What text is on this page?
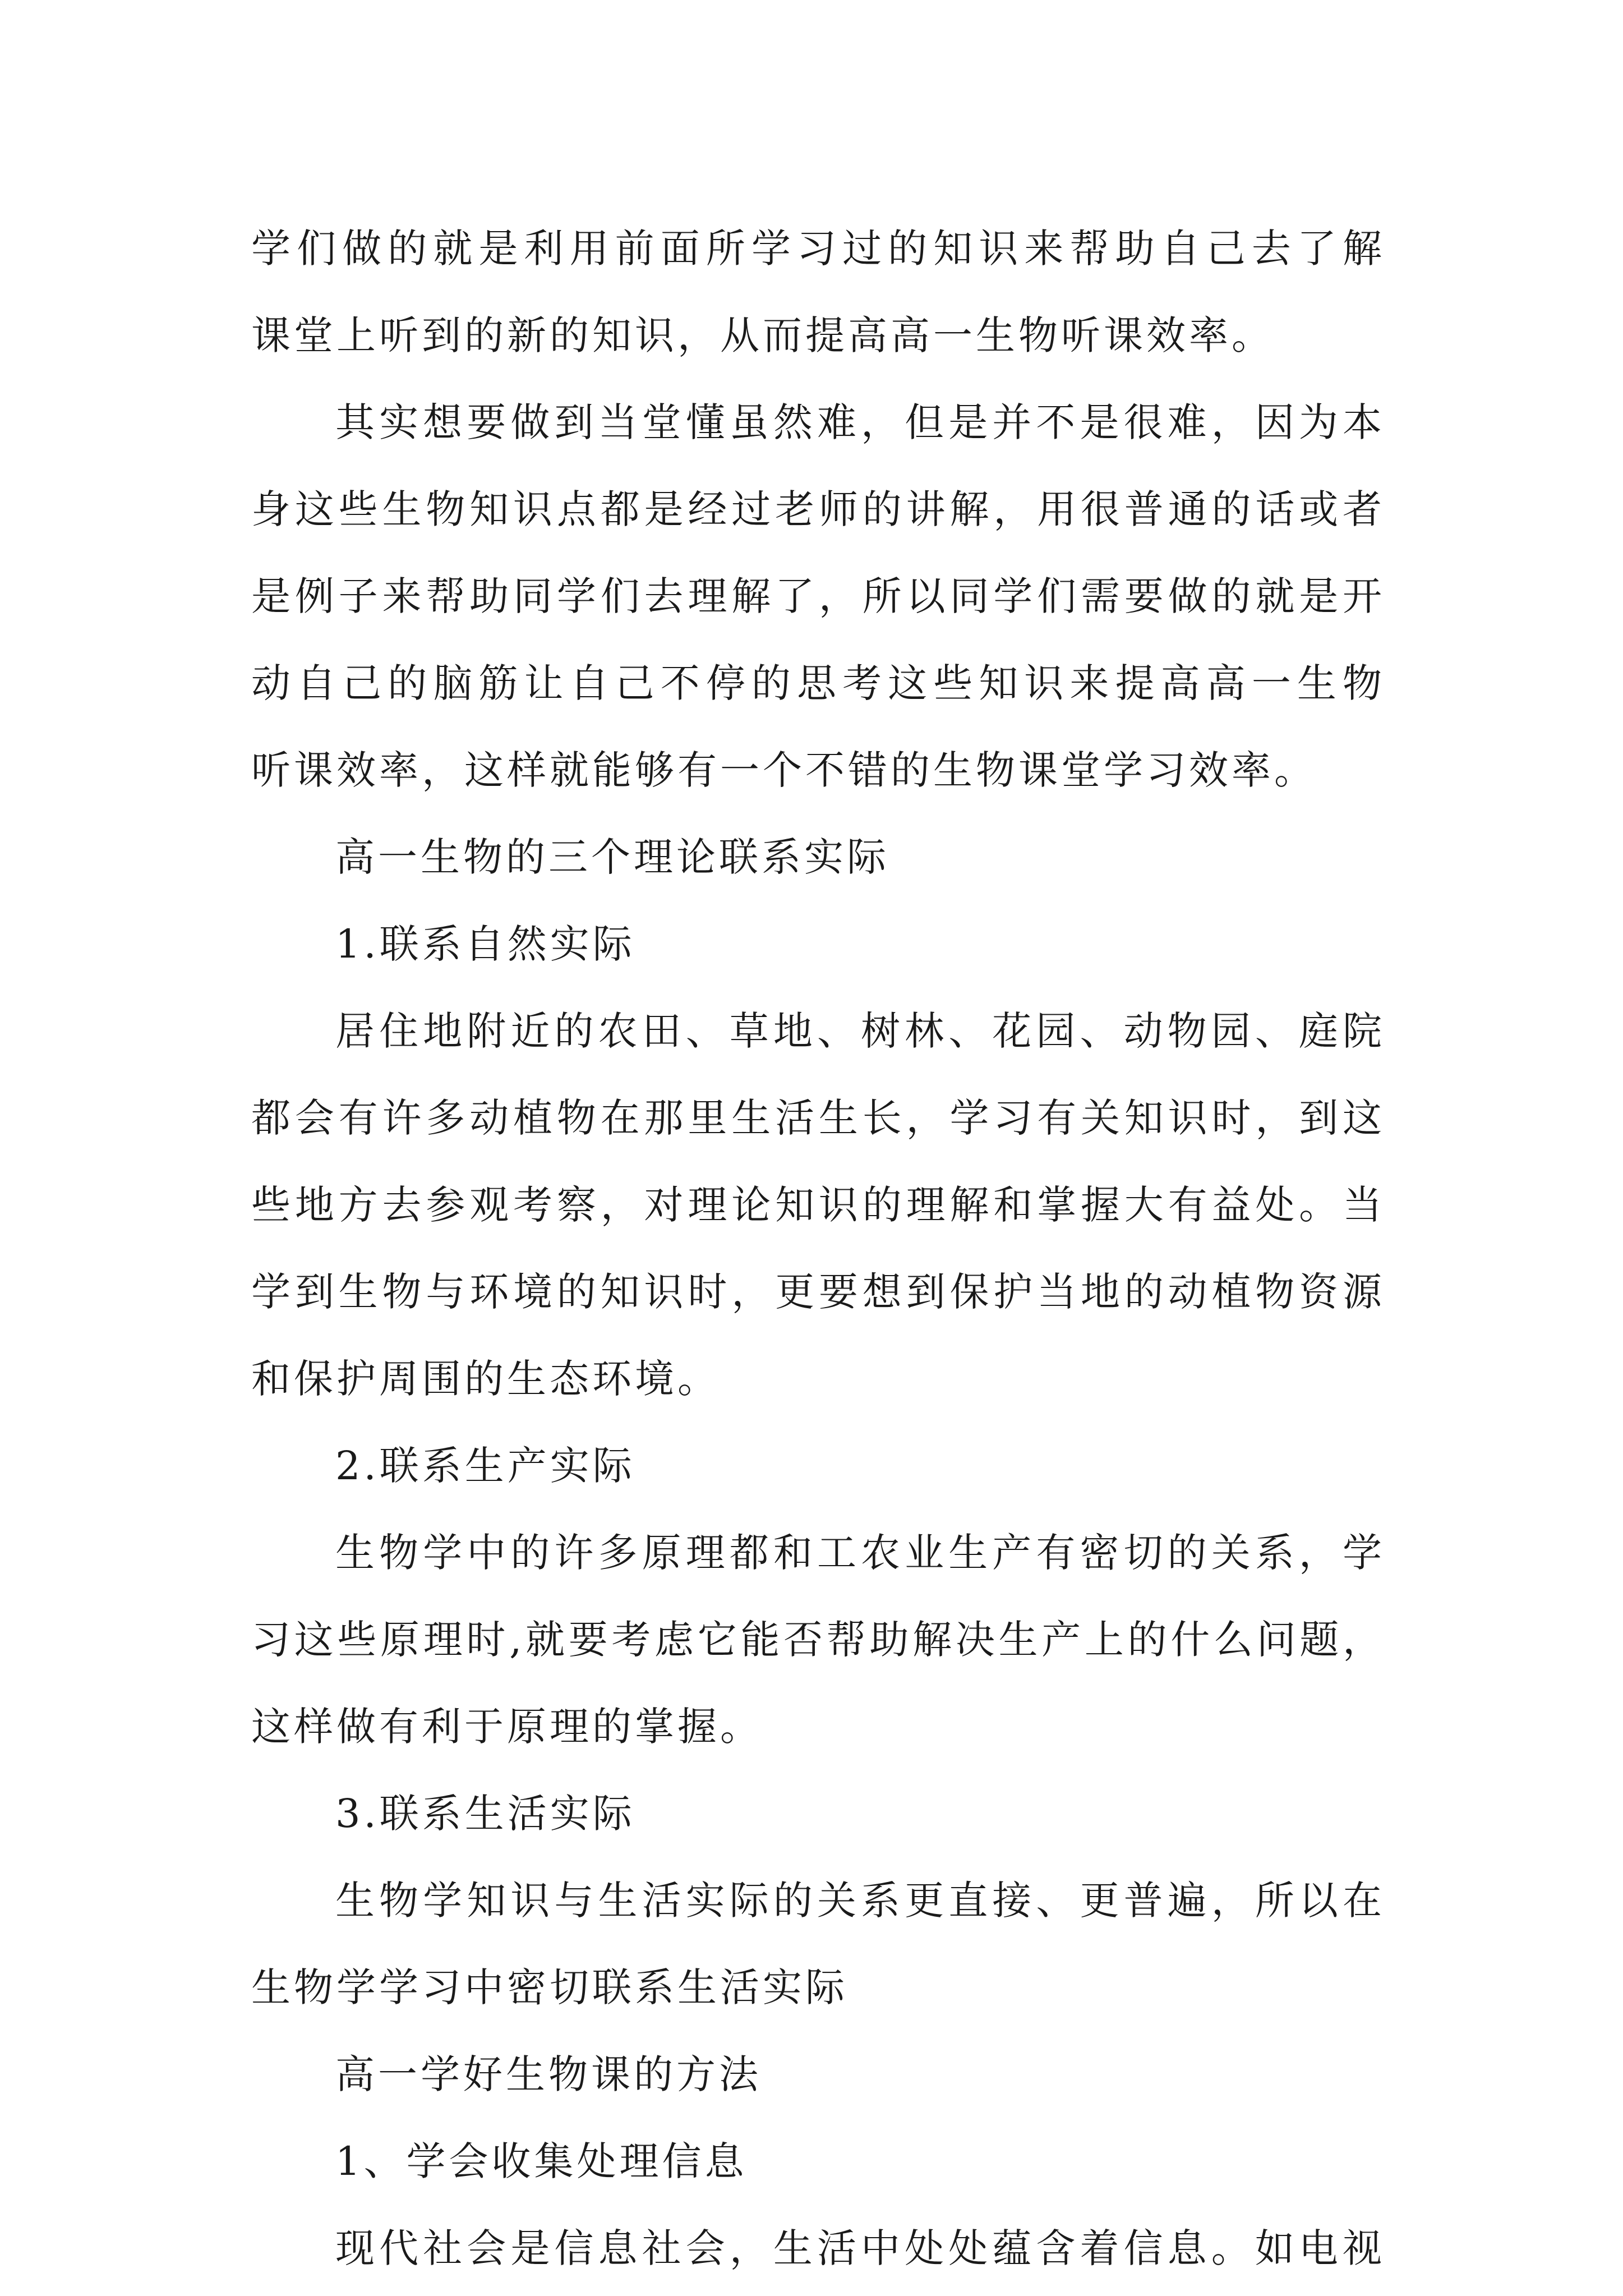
学们做的就是利用前面所学习过的知识来帮助自己去了解
课堂上听到的新的知识，从而提高高一生物听课效率。
其实想要做到当堂懂虽然难，但是并不是很难，因为本
身这些生物知识点都是经过老师的讲解，用很普通的话或者
是例子来帮助同学们去理解了，所以同学们需要做的就是开
动自己的脑筋让自己不停的思考这些知识来提高高一生物
听课效率，这样就能够有一个不错的生物课堂学习效率。
高一生物的三个理论联系实际
1.联系自然实际
居住地附近的农田、草地、树林、花园、动物园、庭院
都会有许多动植物在那里生活生长，学习有关知识时，到这
些地方去参观考察，对理论知识的理解和掌握大有益处。当
学到生物与环境的知识时，更要想到保护当地的动植物资源
和保护周围的生态环境。
2.联系生产实际
生物学中的许多原理都和工农业生产有密切的关系，学
习这些原理时,就要考虑它能否帮助解决生产上的什么问题，
这样做有利于原理的掌握。
3.联系生活实际
生物学知识与生活实际的关系更直接、更普遍，所以在
生物学学习中密切联系生活实际
高一学好生物课的方法
1、学会收集处理信息
现代社会是信息社会，生活中处处蕴含着信息。如电视
